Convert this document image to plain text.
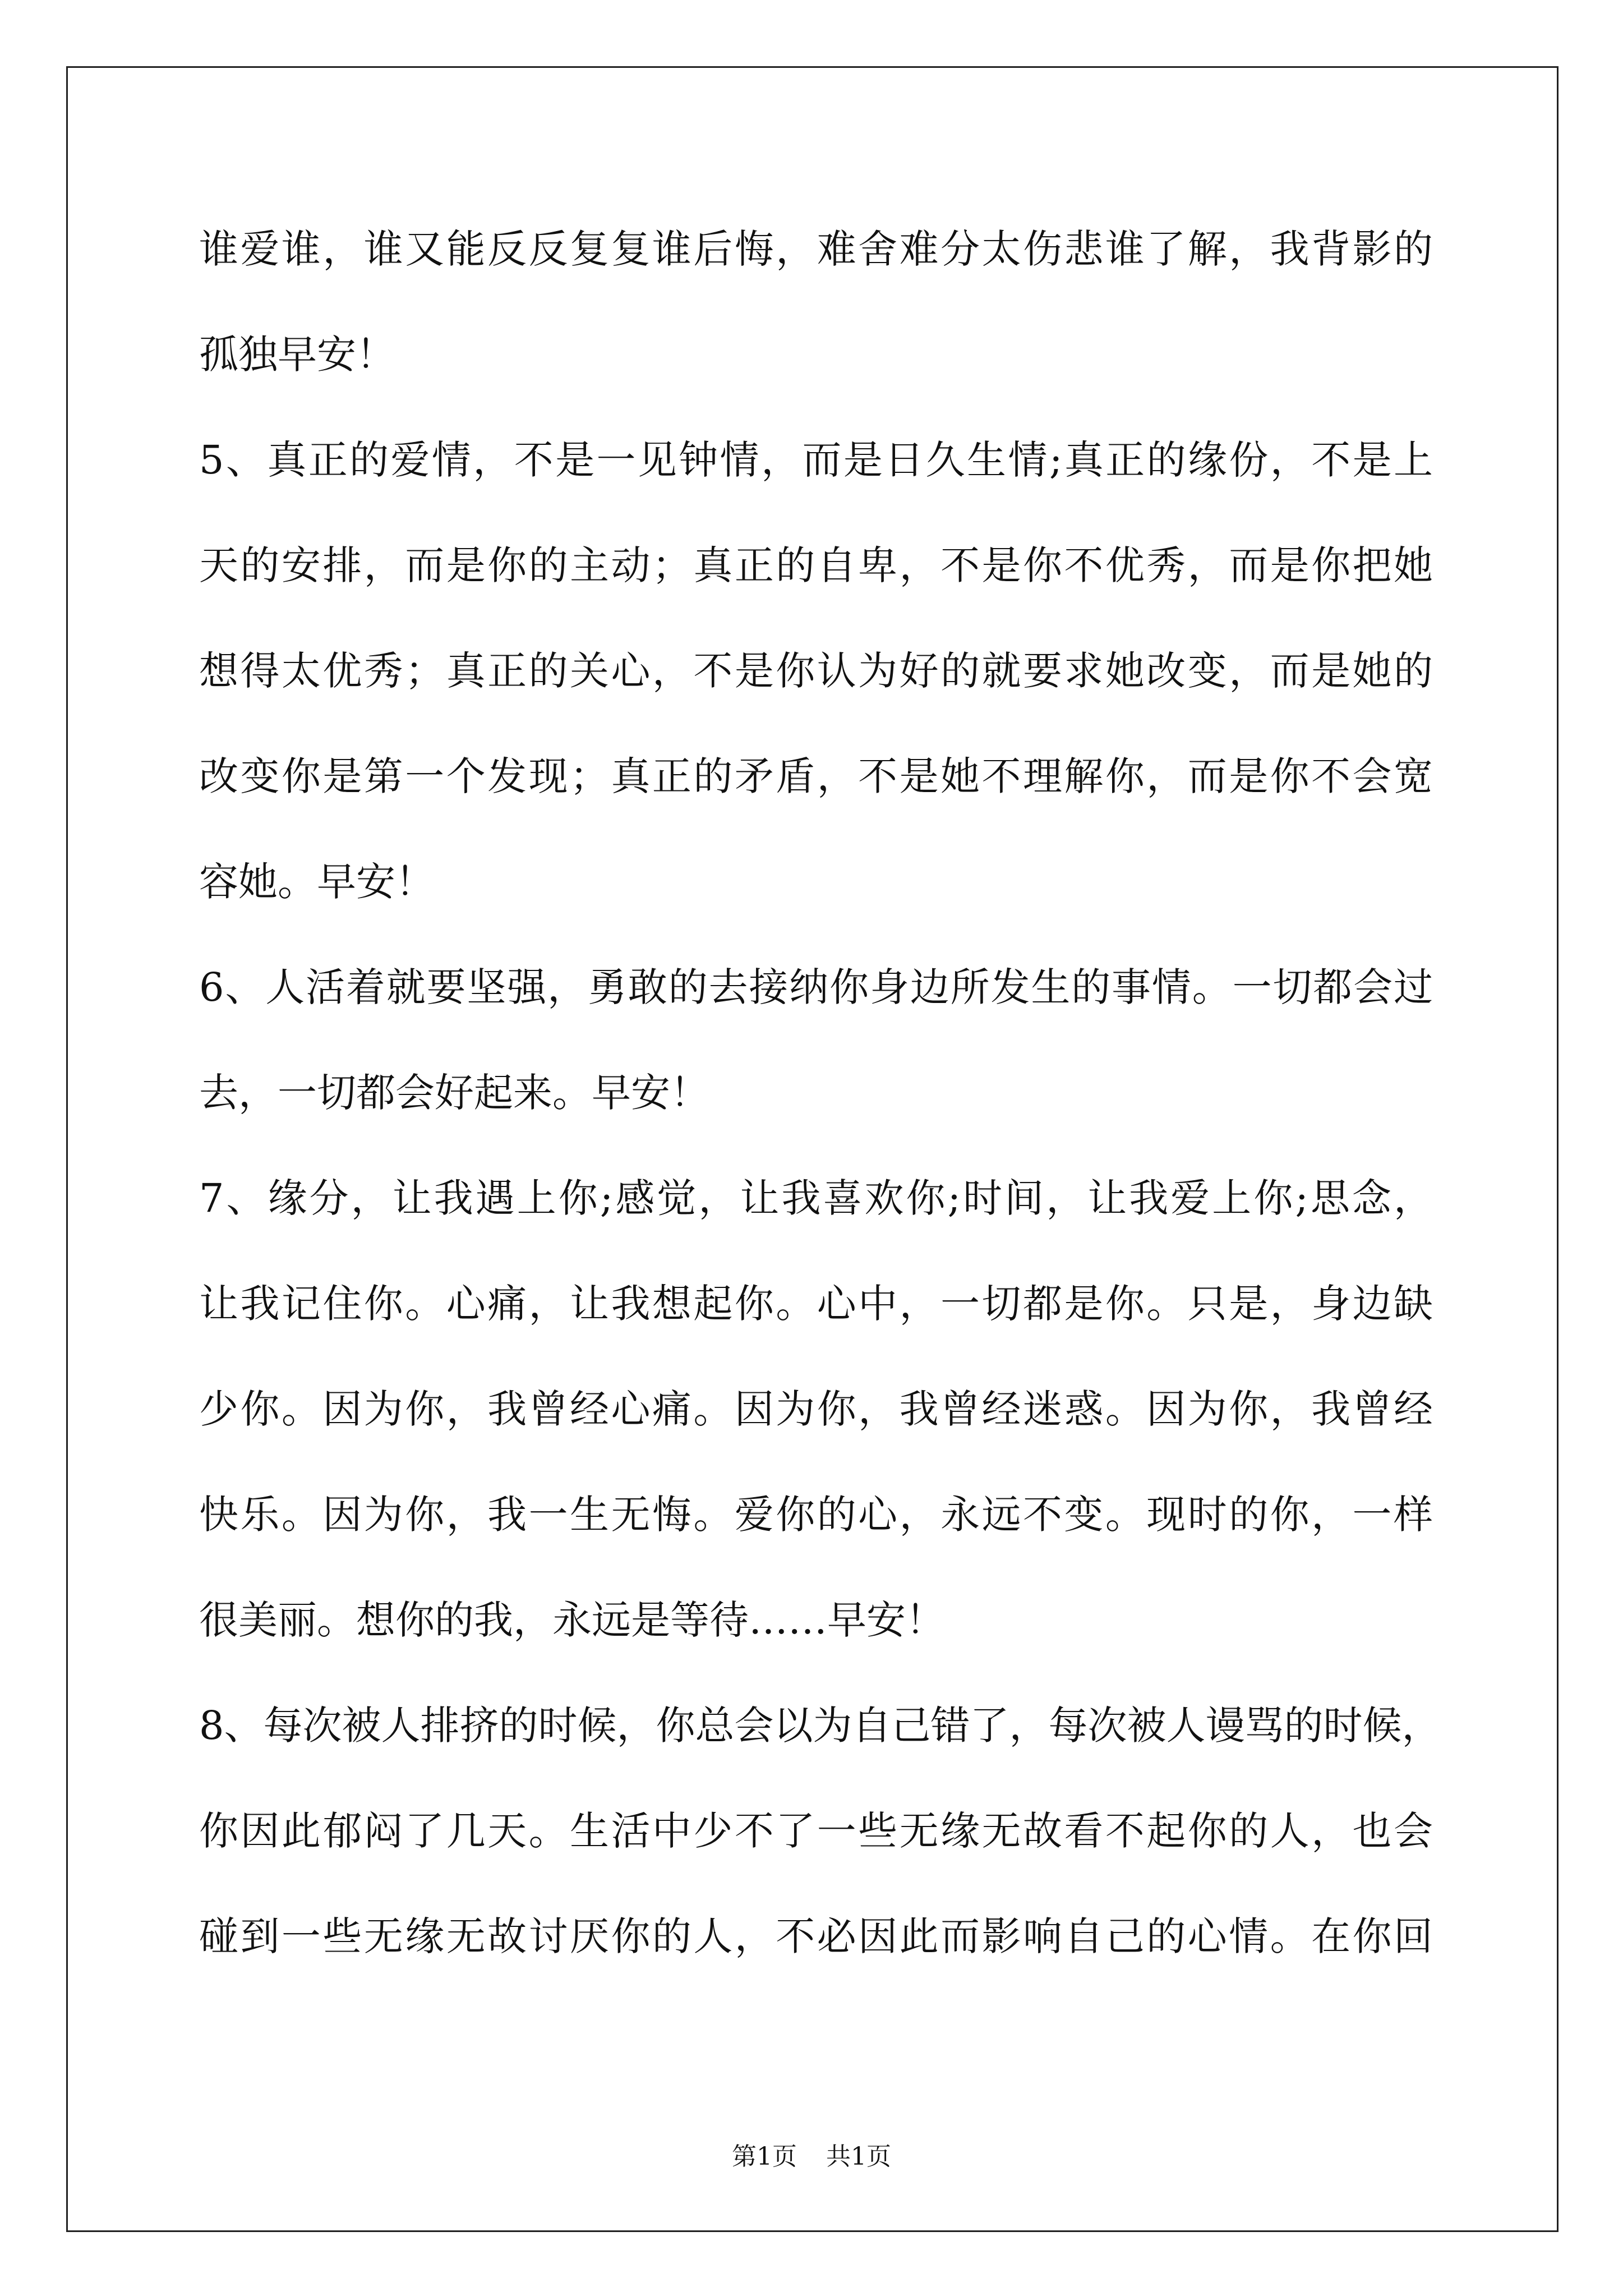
谁爱谁，谁又能反反复复谁后悔，难舍难分太伤悲谁了解，我背影的
孤独早安！
5、真正的爱情，不是一见钟情，而是日久生情;真正的缘份，不是上
天的安排，而是你的主动；真正的自卑，不是你不优秀，而是你把她
想得太优秀；真正的关心，不是你认为好的就要求她改变，而是她的
改变你是第一个发现；真正的矛盾，不是她不理解你，而是你不会宽
容她。早安！
6、人活着就要坚强，勇敢的去接纳你身边所发生的事情。一切都会过
去，一切都会好起来。早安！
7、缘分，让我遇上你;感觉，让我喜欢你;时间，让我爱上你;思念，
让我记住你。心痛，让我想起你。心中，一切都是你。只是，身边缺
少你。因为你，我曾经心痛。因为你，我曾经迷惑。因为你，我曾经
快乐。因为你，我一生无悔。爱你的心，永远不变。现时的你，一样
很美丽。想你的我，永远是等待……早安！
8、每次被人排挤的时候，你总会以为自己错了，每次被人谩骂的时候，
你因此郁闷了几天。生活中少不了一些无缘无故看不起你的人，也会
碰到一些无缘无故讨厌你的人，不必因此而影响自己的心情。在你回
第1页 共1页
